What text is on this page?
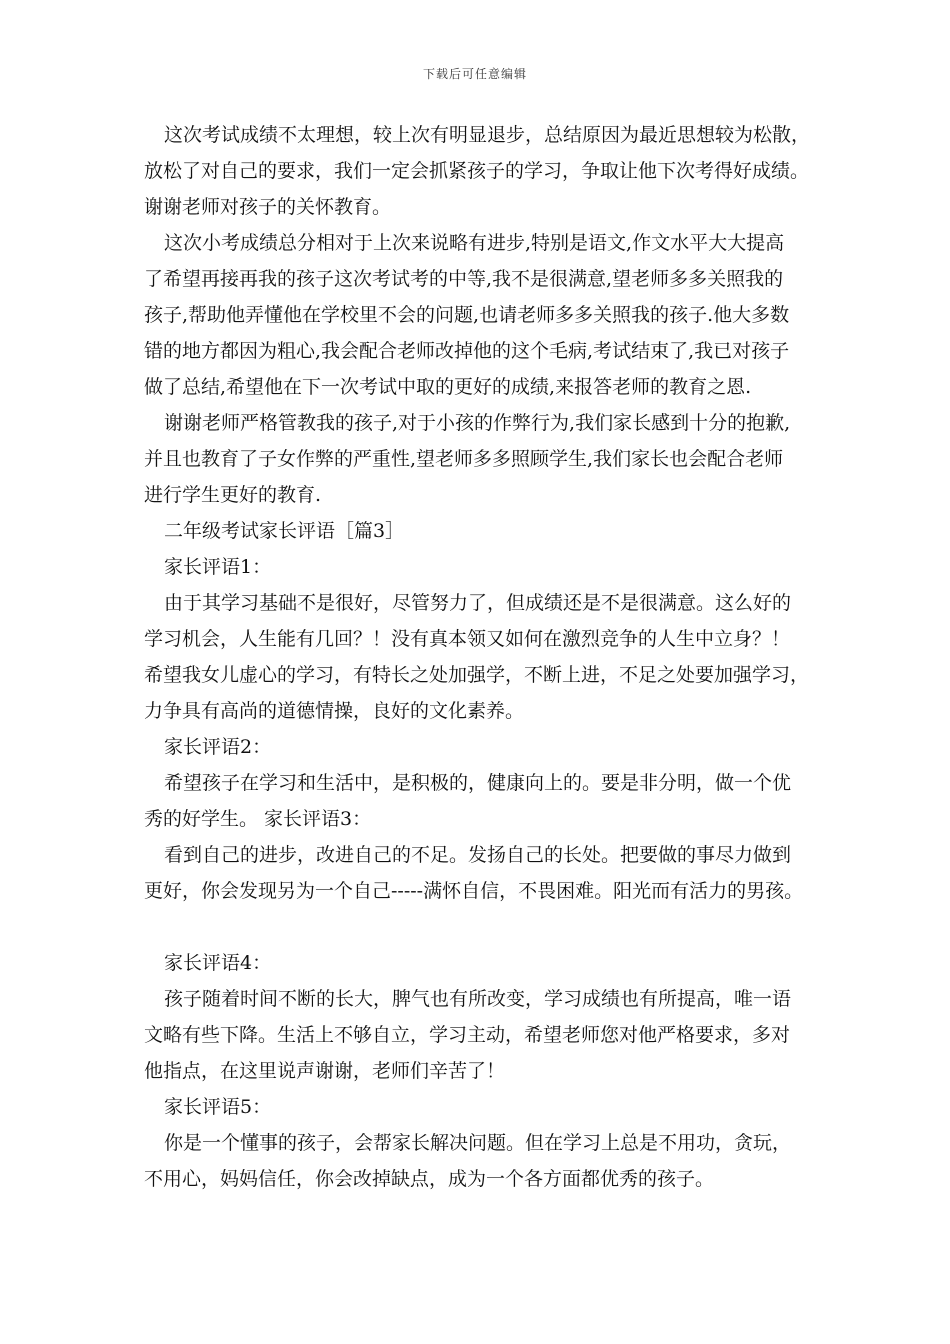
下载后可任意编辑
这次考试成绩不太理想，较上次有明显退步，总结原因为最近思想较为松散，
放松了对自己的要求，我们一定会抓紧孩子的学习，争取让他下次考得好成绩。
谢谢老师对孩子的关怀教育。
这次小考成绩总分相对于上次来说略有进步,特别是语文,作文水平大大提高
了希望再接再我的孩子这次考试考的中等,我不是很满意,望老师多多关照我的
孩子,帮助他弄懂他在学校里不会的问题,也请老师多多关照我的孩子.他大多数
错的地方都因为粗心,我会配合老师改掉他的这个毛病,考试结束了,我已对孩子
做了总结,希望他在下一次考试中取的更好的成绩,来报答老师的教育之恩.
谢谢老师严格管教我的孩子,对于小孩的作弊行为,我们家长感到十分的抱歉,
并且也教育了子女作弊的严重性,望老师多多照顾学生,我们家长也会配合老师
进行学生更好的教育.
二年级考试家长评语［篇3］
家长评语1：
由于其学习基础不是很好，尽管努力了，但成绩还是不是很满意。这么好的
学习机会，人生能有几回？！没有真本领又如何在激烈竞争的人生中立身？！
希望我女儿虚心的学习，有特长之处加强学，不断上进，不足之处要加强学习，
力争具有高尚的道德情操，良好的文化素养。
家长评语2：
希望孩子在学习和生活中，是积极的，健康向上的。要是非分明，做一个优
秀的好学生。 家长评语3：
看到自己的进步，改进自己的不足。发扬自己的长处。把要做的事尽力做到
更好，你会发现另为一个自己-----满怀自信，不畏困难。阳光而有活力的男孩。
家长评语4：
孩子随着时间不断的长大，脾气也有所改变，学习成绩也有所提高，唯一语
文略有些下降。生活上不够自立，学习主动，希望老师您对他严格要求，多对
他指点，在这里说声谢谢，老师们辛苦了！
家长评语5：
你是一个懂事的孩子，会帮家长解决问题。但在学习上总是不用功，贪玩，
不用心，妈妈信任，你会改掉缺点，成为一个各方面都优秀的孩子。
